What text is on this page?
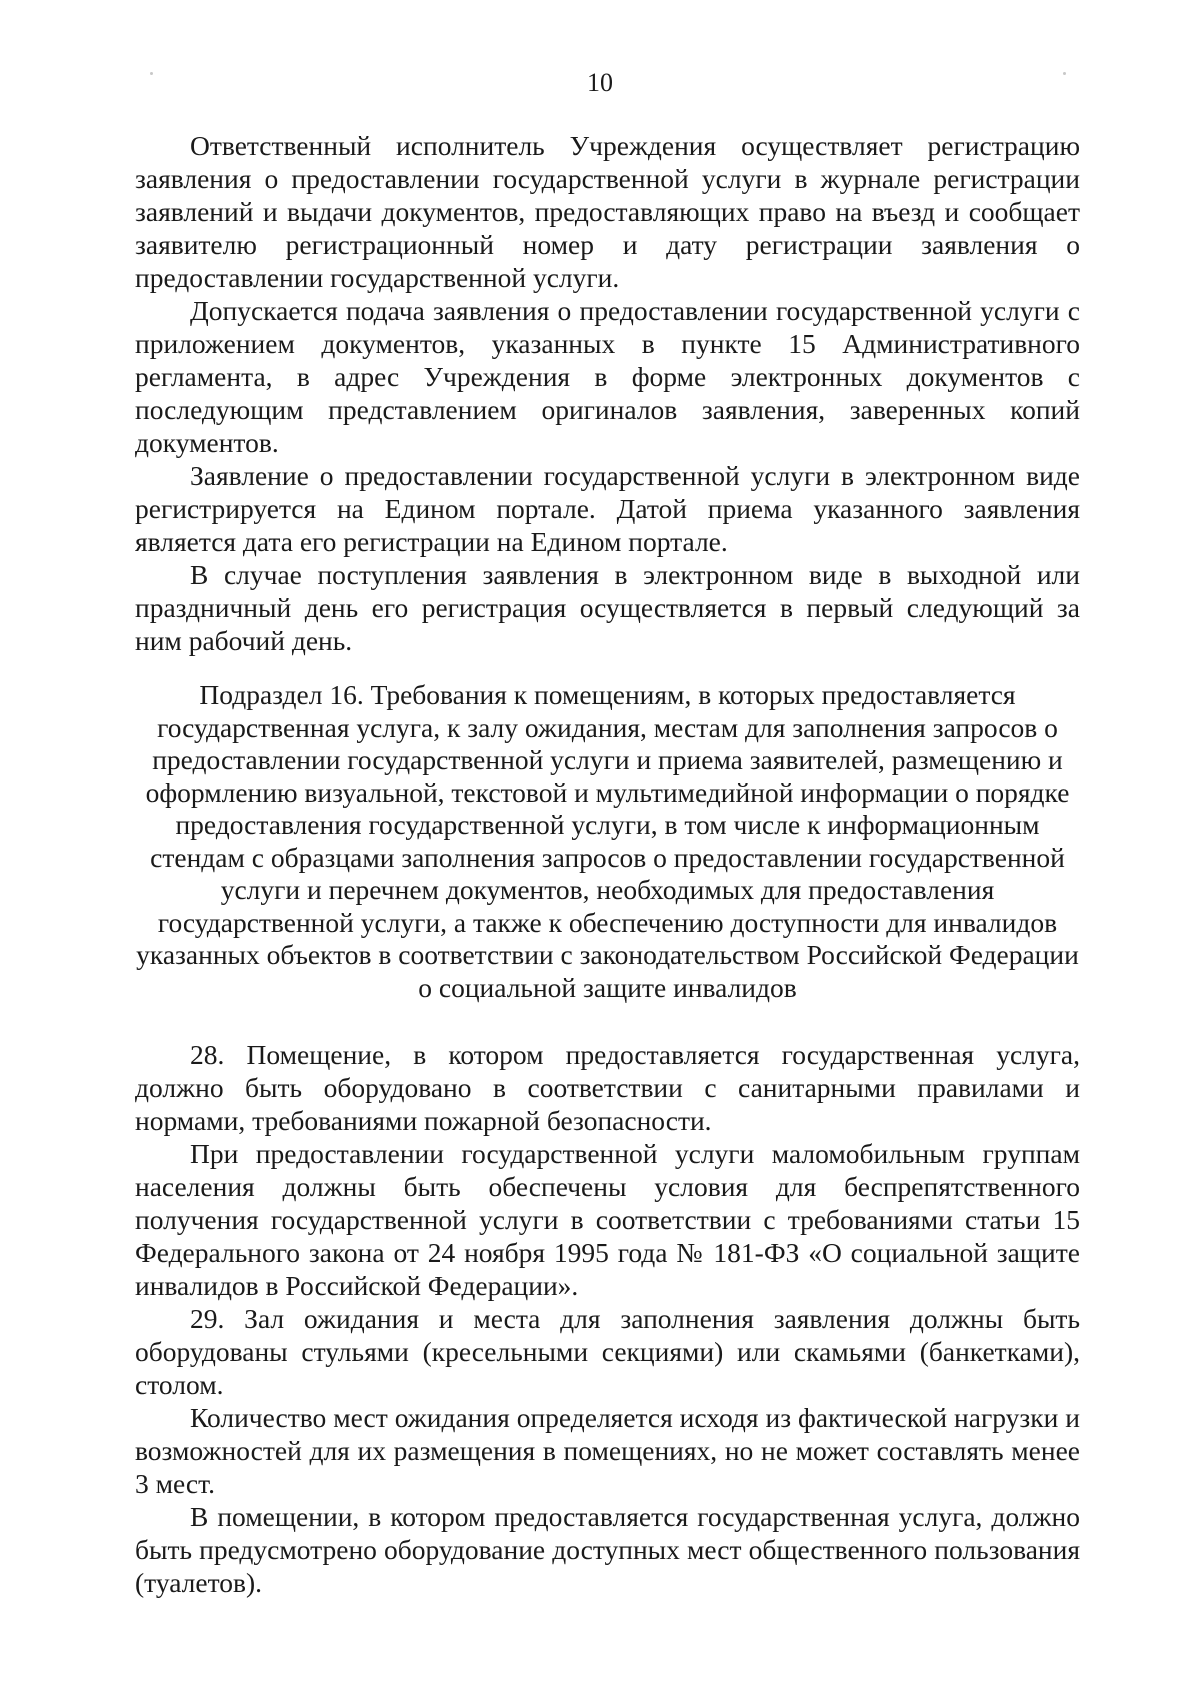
10

Ответственный исполнитель Учреждения осуществляет регистрацию заявления о предоставлении государственной услуги в журнале регистрации заявлений и выдачи документов, предоставляющих право на въезд и сообщает заявителю регистрационный номер и дату регистрации заявления о предоставлении государственной услуги.

Допускается подача заявления о предоставлении государственной услуги с приложением документов, указанных в пункте 15 Административного регламента, в адрес Учреждения в форме электронных документов с последующим представлением оригиналов заявления, заверенных копий документов.

Заявление о предоставлении государственной услуги в электронном виде регистрируется на Едином портале. Датой приема указанного заявления является дата его регистрации на Едином портале.

В случае поступления заявления в электронном виде в выходной или праздничный день его регистрация осуществляется в первый следующий за ним рабочий день.

Подраздел 16. Требования к помещениям, в которых предоставляется государственная услуга, к залу ожидания, местам для заполнения запросов о предоставлении государственной услуги и приема заявителей, размещению и оформлению визуальной, текстовой и мультимедийной информации о порядке предоставления государственной услуги, в том числе к информационным стендам с образцами заполнения запросов о предоставлении государственной услуги и перечнем документов, необходимых для предоставления государственной услуги, а также к обеспечению доступности для инвалидов указанных объектов в соответствии с законодательством Российской Федерации о социальной защите инвалидов

28. Помещение, в котором предоставляется государственная услуга, должно быть оборудовано в соответствии с санитарными правилами и нормами, требованиями пожарной безопасности.

При предоставлении государственной услуги маломобильным группам населения должны быть обеспечены условия для беспрепятственного получения государственной услуги в соответствии с требованиями статьи 15 Федерального закона от 24 ноября 1995 года № 181-ФЗ «О социальной защите инвалидов в Российской Федерации».

29. Зал ожидания и места для заполнения заявления должны быть оборудованы стульями (кресельными секциями) или скамьями (банкетками), столом.

Количество мест ожидания определяется исходя из фактической нагрузки и возможностей для их размещения в помещениях, но не может составлять менее 3 мест.

В помещении, в котором предоставляется государственная услуга, должно быть предусмотрено оборудование доступных мест общественного пользования (туалетов).
